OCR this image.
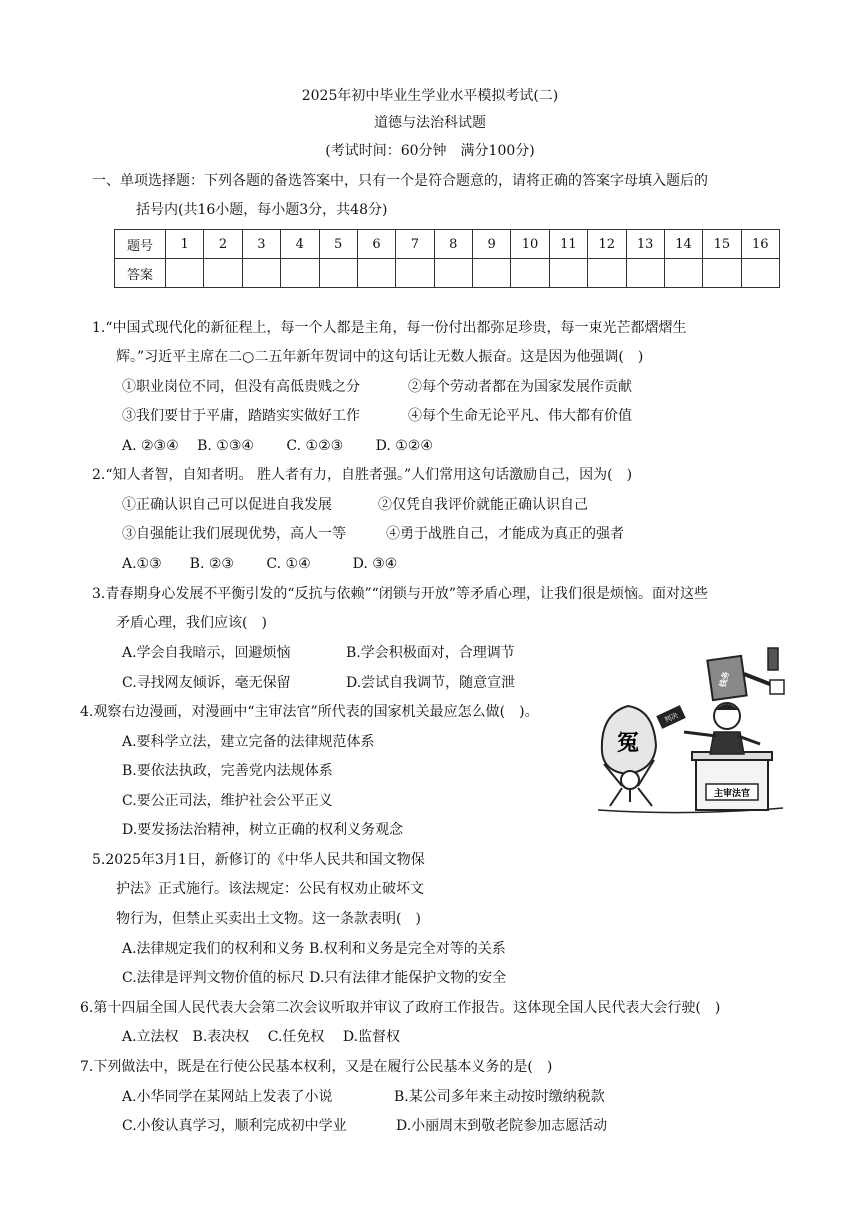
2025年初中毕业生学业水平模拟考试(二)
道德与法治科试题
(考试时间：60分钟　满分100分)
一、单项选择题：下列各题的备选答案中，只有一个是符合题意的，请将正确的答案字母填入题后的
括号内(共16小题，每小题3分，共48分)
题号	1	2	3	4	5	6	7	8	9	10	11	12	13	14	15	16
答案																
1.“中国式现代化的新征程上，每一个人都是主角，每一份付出都弥足珍贵，每一束光芒都熠熠生
辉。”习近平主席在二○二五年新年贺词中的这句话让无数人振奋。这是因为他强调(　)
①职业岗位不同，但没有高低贵贱之分	②每个劳动者都在为国家发展作贡献
③我们要甘于平庸，踏踏实实做好工作	④每个生命无论平凡、伟大都有价值
A. ②③④　 B. ①③④　　 C. ①②③　　 D. ①②④
2.“知人者智，自知者明。 胜人者有力，自胜者强。”人们常用这句话激励自己，因为(　)
①正确认识自己可以促进自我发展	②仅凭自我评价就能正确认识自己
③自强能让我们展现优势，高人一等	④勇于战胜自己，才能成为真正的强者
A.①③　　B. ②③　　 C. ①④　　　D. ③④
3.青春期身心发展不平衡引发的“反抗与依赖”“闭锁与开放”等矛盾心理，让我们很是烦恼。面对这些
矛盾心理，我们应该(　)
A.学会自我暗示，回避烦恼	B.学会积极面对，合理调节
C.寻找网友倾诉，毫无保留	D.尝试自我调节，随意宣泄
4.观察右边漫画，对漫画中“主审法官”所代表的国家机关最应怎么做(　)。
A.要科学立法，建立完备的法律规范体系
B.要依法执政，完善党内法规体系
C.要公正司法，维护社会公平正义
D.要发扬法治精神，树立正确的权利义务观念
5.2025年3月1日，新修订的《中华人民共和国文物保
护法》正式施行。该法规定：公民有权劝止破坏文
物行为，但禁止买卖出土文物。这一条款表明(　)
A.法律规定我们的权利和义务 B.权利和义务是完全对等的关系
C.法律是评判文物价值的标尺 D.只有法律才能保护文物的安全
6.第十四届全国人民代表大会第二次会议听取并审议了政府工作报告。这体现全国人民代表大会行驶(　)
A.立法权　B.表决权　 C.任免权　 D.监督权
7.下列做法中，既是在行使公民基本权利，又是在履行公民基本义务的是(　)
A.小华同学在某网站上发表了小说	B.某公司多年来主动按时缴纳税款
C.小俊认真学习，顺利完成初中学业	D.小丽周末到敬老院参加志愿活动
主审法官
钱务
判决
冤
